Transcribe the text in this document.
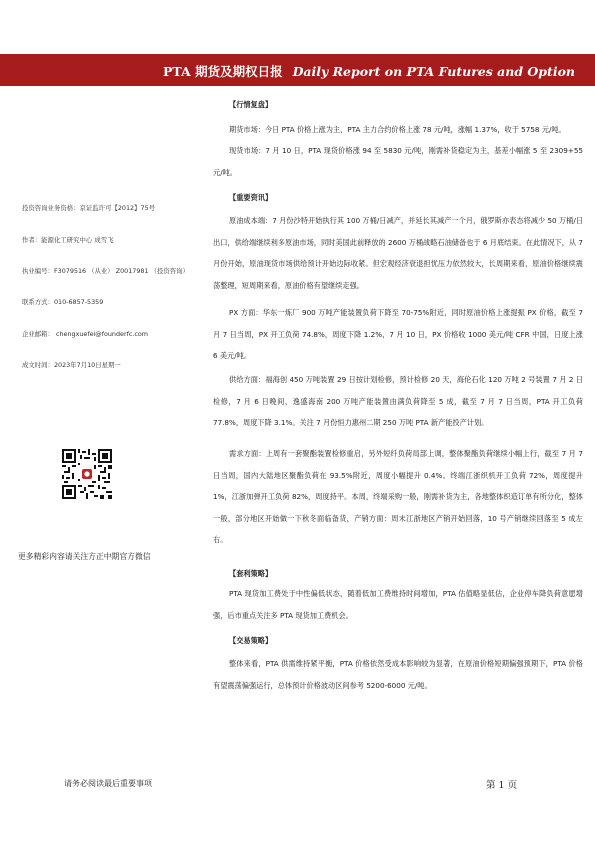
PTA 期货及期权日报 Daily Report on PTA Futures and Option
投资咨询业务资格：京证监许可【2012】75号
作者：能源化工研究中心 成雪飞
执业编号：F3079516 （从业） Z0017981 （投资咨询）
联系方式：010-6857-5359
企业邮箱： chengxuefei@founderfc.com
成文时间：2023年7月10日星期一
更多精彩内容请关注方正中期官方微信
【行情复盘】
期货市场：今日 PTA 价格上涨为主，PTA 主力合约价格上涨 78 元/吨，涨幅 1.37%，收于 5758 元/吨。
现货市场：7 月 10 日，PTA 现货价格涨 94 至 5830 元/吨，刚需补货稳定为主，基差小幅涨 5 至 2309+55 元/吨。
【重要资讯】
原油成本端：7 月份沙特开始执行其 100 万桶/日减产，并延长其减产一个月，俄罗斯亦表态将减少 50 万桶/日出口，供给端继续利多原油市场，同时美国此前释放的 2600 万桶战略石油储备也于 6 月底结束。在此情况下，从 7 月份开始，原油现货市场供给预计开始边际收紧。但宏观经济衰退担忧压力依然较大，长周期来看，原油价格继续震荡整理，短周期来看，原油价格有望继续走强。
PX 方面：华东一炼厂 900 万吨产能装置负荷下降至 70-75%附近，同时原油价格上涨提振 PX 价格，截至 7 月 7 日当周，PX 开工负荷 74.8%，周度下降 1.2%，7 月 10 日，PX 价格收 1000 美元/吨 CFR 中国，日度上涨 6 美元/吨。
供给方面：福海创 450 万吨装置 29 日按计划检修，预计检修 20 天，海伦石化 120 万吨 2 号装置 7 月 2 日检修，7 月 6 日晚间，逸盛海南 200 万吨产能装置由满负荷降至 5 成，截至 7 月 7 日当周，PTA 开工负荷 77.8%，周度下降 3.1%。关注 7 月份恒力惠州二期 250 万吨 PTA 新产能投产计划。
需求方面：上周有一套聚酯装置检修重启，另外短纤负荷局部上调，整体聚酯负荷继续小幅上行，截至 7 月 7 日当周，国内大陆地区聚酯负荷在 93.5%附近，周度小幅提升 0.4%。终端江浙织机开工负荷 72%，周度提升 1%，江浙加弹开工负荷 82%，周度持平。本周，终端采购一般，刚需补货为主，各地整体织造订单有所分化，整体一般，部分地区开始做一下秋冬面临备货，产销方面：周末江浙地区产销开始回落，10 号产销继续回落至 5 成左右。
【套利策略】
PTA 现货加工费处于中性偏低状态，随着低加工费维持时间增加，PTA 估值略显低估，企业停车降负荷意愿增强，后市重点关注多 PTA 现货加工费机会。
【交易策略】
整体来看，PTA 供需维持紧平衡，PTA 价格依然受成本影响较为显著，在原油价格短期偏强预期下，PTA 价格有望震荡偏强运行，总体预计价格波动区间参考 5200-6000 元/吨。
请务必阅读最后重要事项	第 1 页
